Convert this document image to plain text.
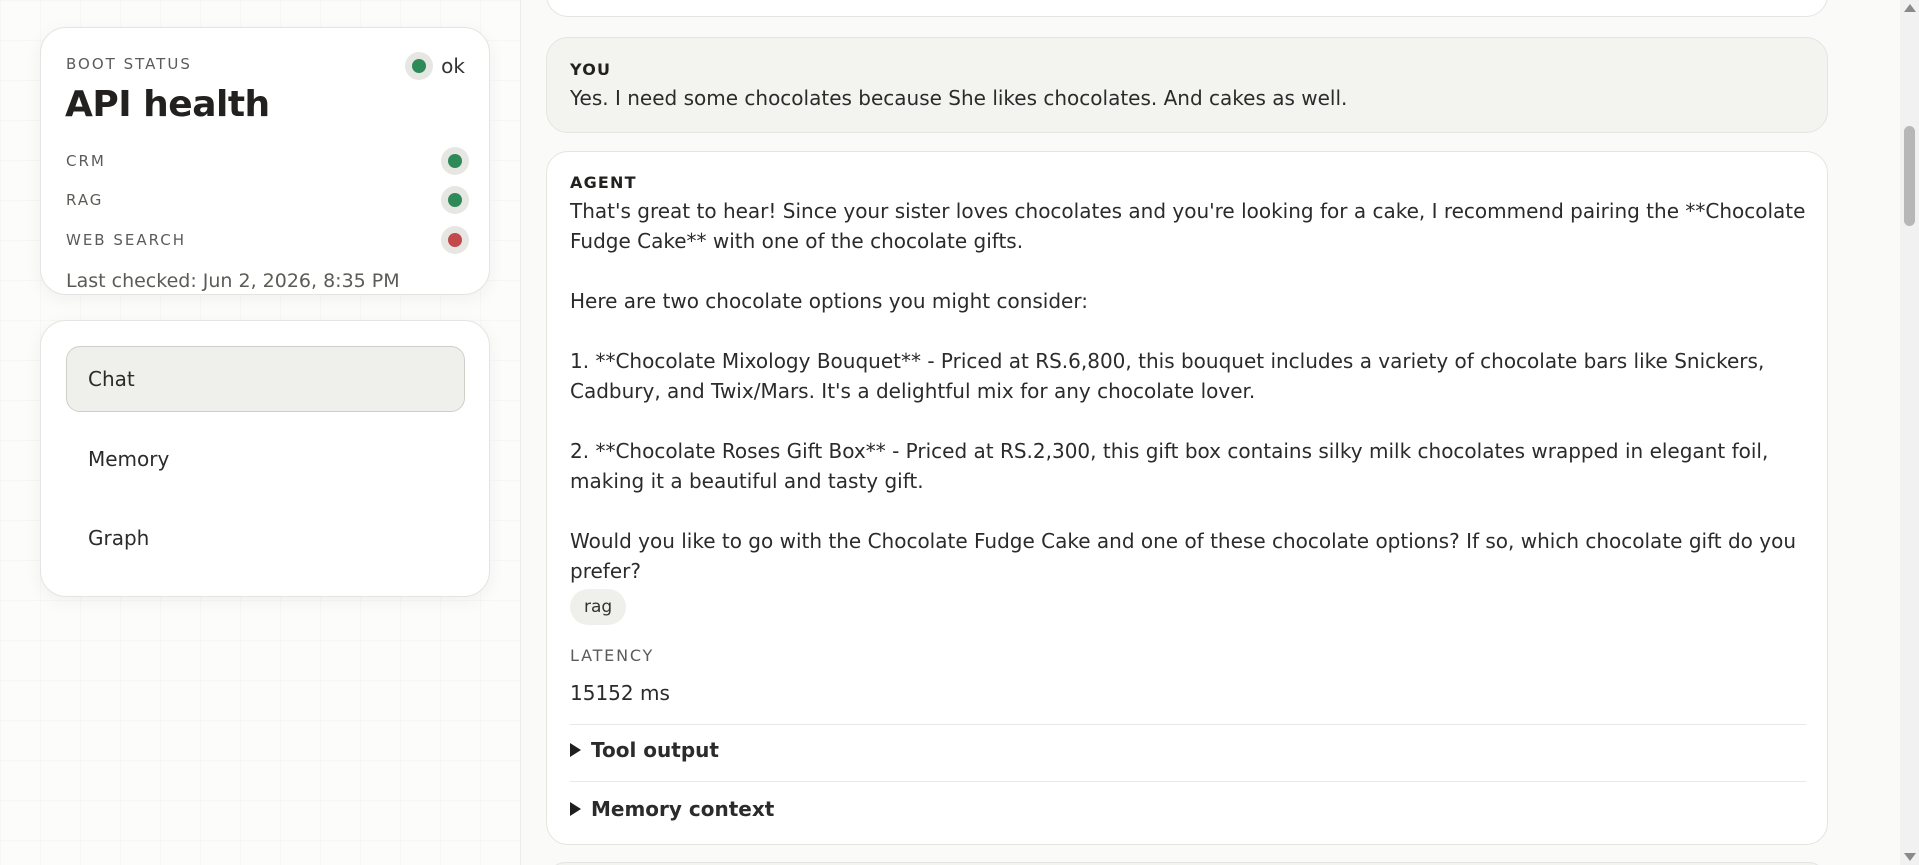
BOOT STATUS	ok
API health
CRM
RAG
WEB SEARCH
Last checked: Jun 2, 2026, 8:35 PM
Chat
Memory
Graph
YOU
Yes. I need some chocolates because She likes chocolates. And cakes as well.
AGENT

That's great to hear! Since your sister loves chocolates and you're looking for a cake, I recommend pairing the **Chocolate Fudge Cake** with one of the chocolate gifts.

Here are two chocolate options you might consider:

1. **Chocolate Mixology Bouquet** - Priced at RS.6,800, this bouquet includes a variety of chocolate bars like Snickers, Cadbury, and Twix/Mars. It's a delightful mix for any chocolate lover.

2. **Chocolate Roses Gift Box** - Priced at RS.2,300, this gift box contains silky milk chocolates wrapped in elegant foil, making it a beautiful and tasty gift.

Would you like to go with the Chocolate Fudge Cake and one of these chocolate options? If so, which chocolate gift do you prefer?

rag
LATENCY
15152 ms
Tool output
Memory context
